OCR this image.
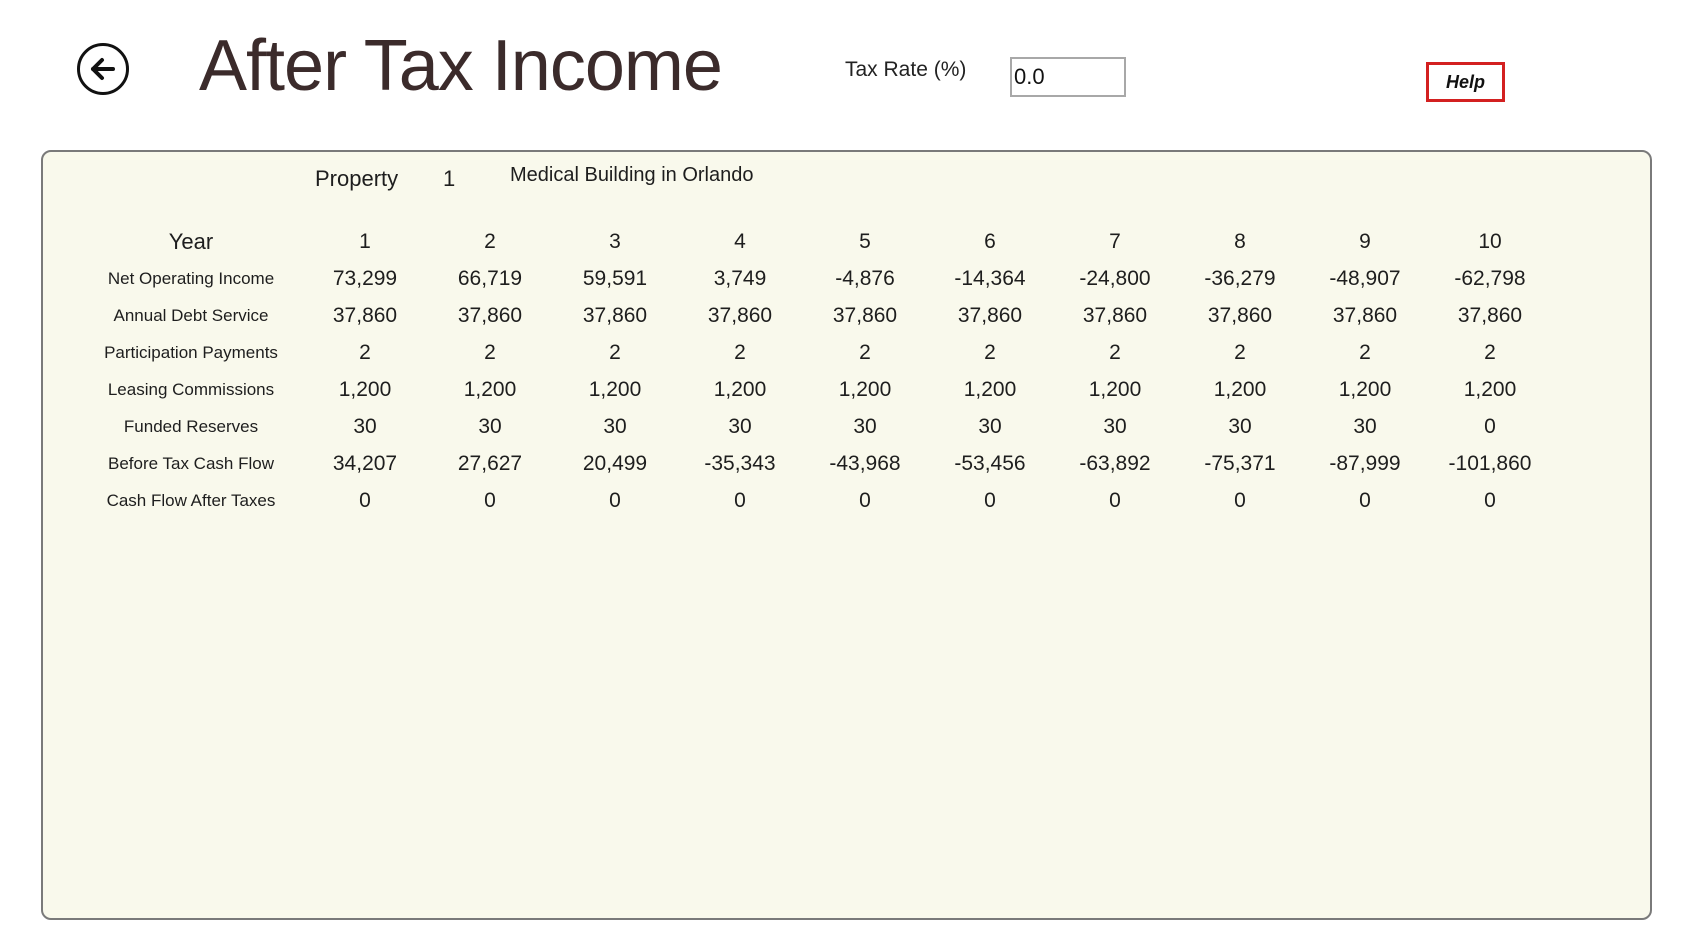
After Tax Income	Tax Rate (%)
0.0
Help
Property 1	Medical Building in Orlando
Year	1	2	3	4	5	6	7	8	9	10
Net Operating Income	73,299	66,719	59,591	3,749	-4,876	-14,364	-24,800	-36,279	-48,907	-62,798
Annual Debt Service	37,860	37,860	37,860	37,860	37,860	37,860	37,860	37,860	37,860	37,860
Participation Payments	2	2	2	2	2	2	2	2	2	2
Leasing Commissions	1,200	1,200	1,200	1,200	1,200	1,200	1,200	1,200	1,200	1,200
Funded Reserves	30	30	30	30	30	30	30	30	30	0
Before Tax Cash Flow	34,207	27,627	20,499	-35,343	-43,968	-53,456	-63,892	-75,371	-87,999	-101,860
Cash Flow After Taxes	0	0	0	0	0	0	0	0	0	0
